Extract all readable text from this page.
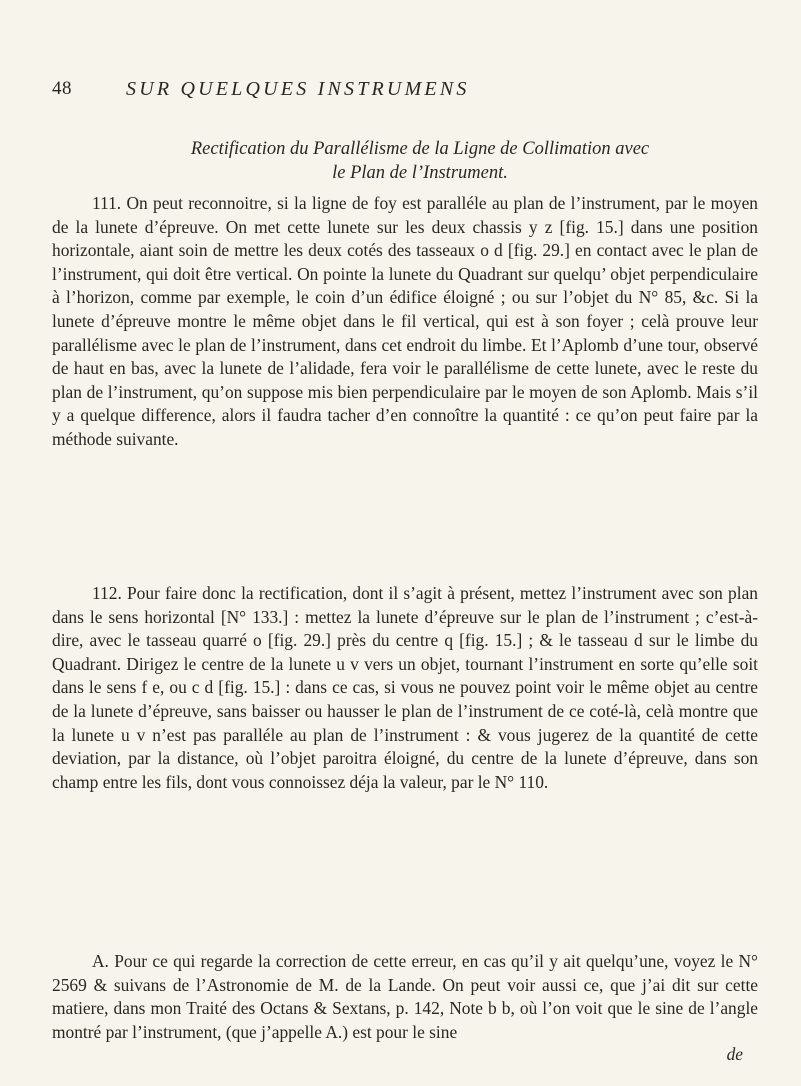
48	SUR QUELQUES INSTRUMENS
Rectification du Parallélisme de la Ligne de Collimation avec
le Plan de l’Instrument.

111. On peut reconnoitre, si la ligne de foy est paralléle au plan de l’instrument, par le moyen de la lunete d’épreuve. On met cette lunete sur les deux chassis y z [fig. 15.] dans une position horizontale, aiant soin de mettre les deux cotés des tasseaux o d [fig. 29.] en contact avec le plan de l’instrument, qui doit être vertical. On pointe la lunete du Quadrant sur quelqu’ objet perpendiculaire à l’horizon, comme par exemple, le coin d’un édifice éloigné ; ou sur l’objet du N° 85, &c. Si la lunete d’épreuve montre le même objet dans le fil vertical, qui est à son foyer ; celà prouve leur parallélisme avec le plan de l’instrument, dans cet endroit du limbe. Et l’Aplomb d’une tour, observé de haut en bas, avec la lunete de l’alidade, fera voir le parallélisme de cette lunete, avec le reste du plan de l’instrument, qu’on suppose mis bien perpendiculaire par le moyen de son Aplomb. Mais s’il y a quelque difference, alors il faudra tacher d’en connoître la quantité : ce qu’on peut faire par la méthode suivante.

112. Pour faire donc la rectification, dont il s’agit à présent, mettez l’instrument avec son plan dans le sens horizontal [N° 133.] : mettez la lunete d’épreuve sur le plan de l’instrument ; c’est-à-dire, avec le tasseau quarré o [fig. 29.] près du centre q [fig. 15.] ; & le tasseau d sur le limbe du Quadrant. Dirigez le centre de la lunete u v vers un objet, tournant l’instrument en sorte qu’elle soit dans le sens f e, ou c d [fig. 15.] : dans ce cas, si vous ne pouvez point voir le même objet au centre de la lunete d’épreuve, sans baisser ou hausser le plan de l’instrument de ce coté-là, celà montre que la lunete u v n’est pas paralléle au plan de l’instrument : & vous jugerez de la quantité de cette deviation, par la distance, où l’objet paroitra éloigné, du centre de la lunete d’épreuve, dans son champ entre les fils, dont vous connoissez déja la valeur, par le N° 110.

A. Pour ce qui regarde la correction de cette erreur, en cas qu’il y ait quelqu’une, voyez le N° 2569 & suivans de l’Astronomie de M. de la Lande. On peut voir aussi ce, que j’ai dit sur cette matiere, dans mon Traité des Octans & Sextans, p. 142, Note b b, où l’on voit que le sine de l’angle montré par l’instrument, (que j’appelle A.) est pour le sine

de
